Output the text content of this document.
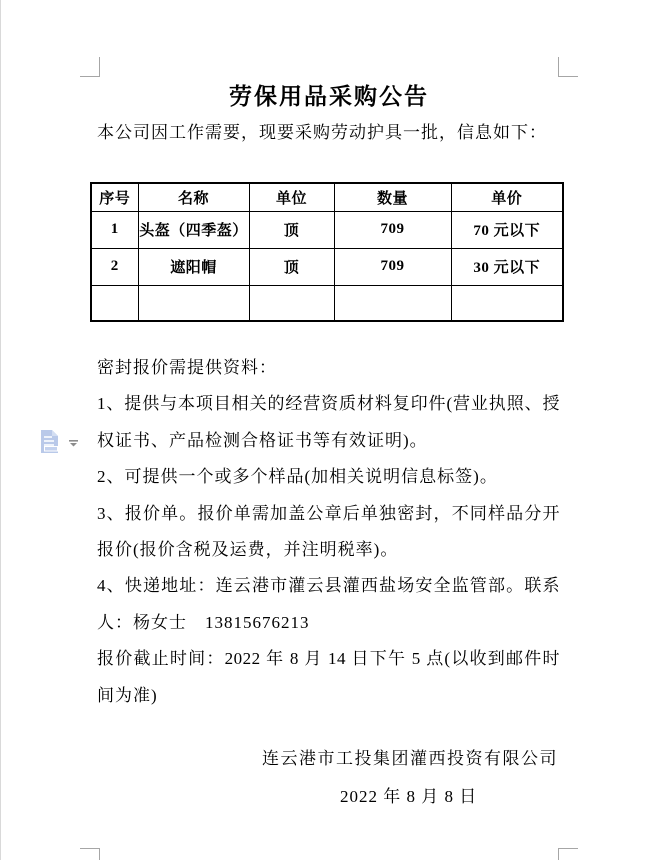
劳保用品采购公告
本公司因工作需要，现要采购劳动护具一批，信息如下：
序号	名称	单位	数量	单价
1	头盔（四季盔）	顶	709	70 元以下
2	遮阳帽	顶	709	30 元以下

密封报价需提供资料：
1、提供与本项目相关的经营资质材料复印件(营业执照、授
权证书、产品检测合格证书等有效证明)。
2、可提供一个或多个样品(加相关说明信息标签)。
3、报价单。报价单需加盖公章后单独密封，不同样品分开
报价(报价含税及运费，并注明税率)。
4、快递地址：连云港市灌云县灌西盐场安全监管部。联系
人：杨女士　13815676213
报价截止时间：2022 年 8 月 14 日下午 5 点(以收到邮件时
间为准)
连云港市工投集团灌西投资有限公司
2022 年 8 月 8 日
